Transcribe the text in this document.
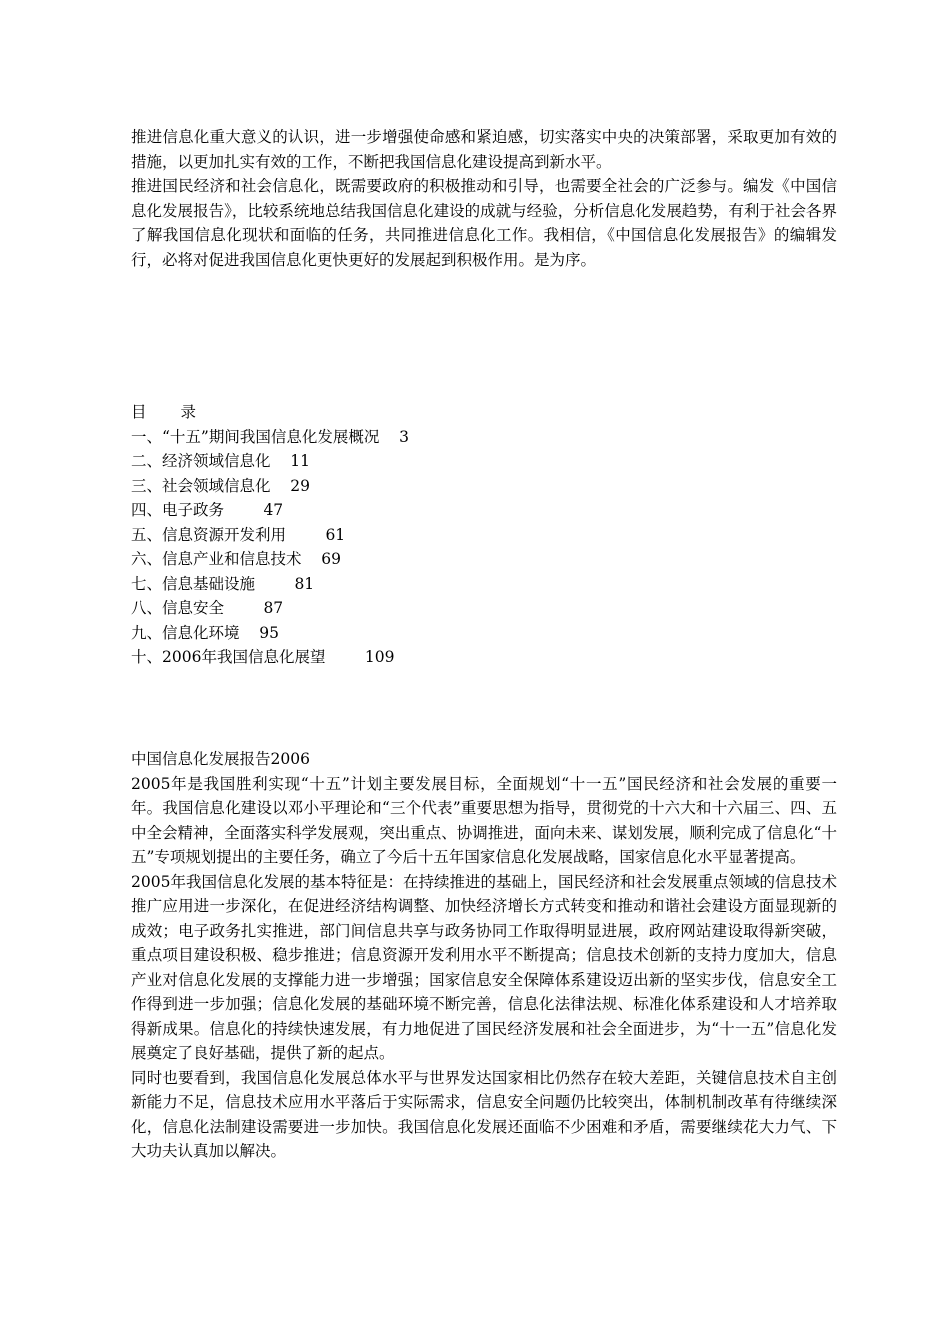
推进信息化重大意义的认识，进一步增强使命感和紧迫感，切实落实中央的决策部署，采取更加有效的措施，以更加扎实有效的工作，不断把我国信息化建设提高到新水平。

推进国民经济和社会信息化，既需要政府的积极推动和引导，也需要全社会的广泛参与。编发《中国信息化发展报告》，比较系统地总结我国信息化建设的成就与经验，分析信息化发展趋势，有利于社会各界了解我国信息化现状和面临的任务，共同推进信息化工作。我相信，《中国信息化发展报告》的编辑发行，必将对促进我国信息化更快更好的发展起到积极作用。是为序。

目 录
一、“十五”期间我国信息化发展概况 3
二、经济领域信息化 11
三、社会领域信息化 29
四、电子政务	47
五、信息资源开发利用	61
六、信息产业和信息技术 69
七、信息基础设施	81
八、信息安全	87
九、信息化环境 95
十、2006年我国信息化展望	109

中国信息化发展报告2006

2005年是我国胜利实现“十五”计划主要发展目标，全面规划“十一五”国民经济和社会发展的重要一年。我国信息化建设以邓小平理论和“三个代表”重要思想为指导，贯彻党的十六大和十六届三、四、五中全会精神，全面落实科学发展观，突出重点、协调推进，面向未来、谋划发展，顺利完成了信息化“十五”专项规划提出的主要任务，确立了今后十五年国家信息化发展战略，国家信息化水平显著提高。

2005年我国信息化发展的基本特征是：在持续推进的基础上，国民经济和社会发展重点领域的信息技术推广应用进一步深化，在促进经济结构调整、加快经济增长方式转变和推动和谐社会建设方面显现新的成效；电子政务扎实推进，部门间信息共享与政务协同工作取得明显进展，政府网站建设取得新突破，重点项目建设积极、稳步推进；信息资源开发利用水平不断提高；信息技术创新的支持力度加大，信息产业对信息化发展的支撑能力进一步增强；国家信息安全保障体系建设迈出新的坚实步伐，信息安全工作得到进一步加强；信息化发展的基础环境不断完善，信息化法律法规、标准化体系建设和人才培养取得新成果。信息化的持续快速发展，有力地促进了国民经济发展和社会全面进步，为“十一五”信息化发展奠定了良好基础，提供了新的起点。

同时也要看到，我国信息化发展总体水平与世界发达国家相比仍然存在较大差距，关键信息技术自主创新能力不足，信息技术应用水平落后于实际需求，信息安全问题仍比较突出，体制机制改革有待继续深化，信息化法制建设需要进一步加快。我国信息化发展还面临不少困难和矛盾，需要继续花大力气、下大功夫认真加以解决。
